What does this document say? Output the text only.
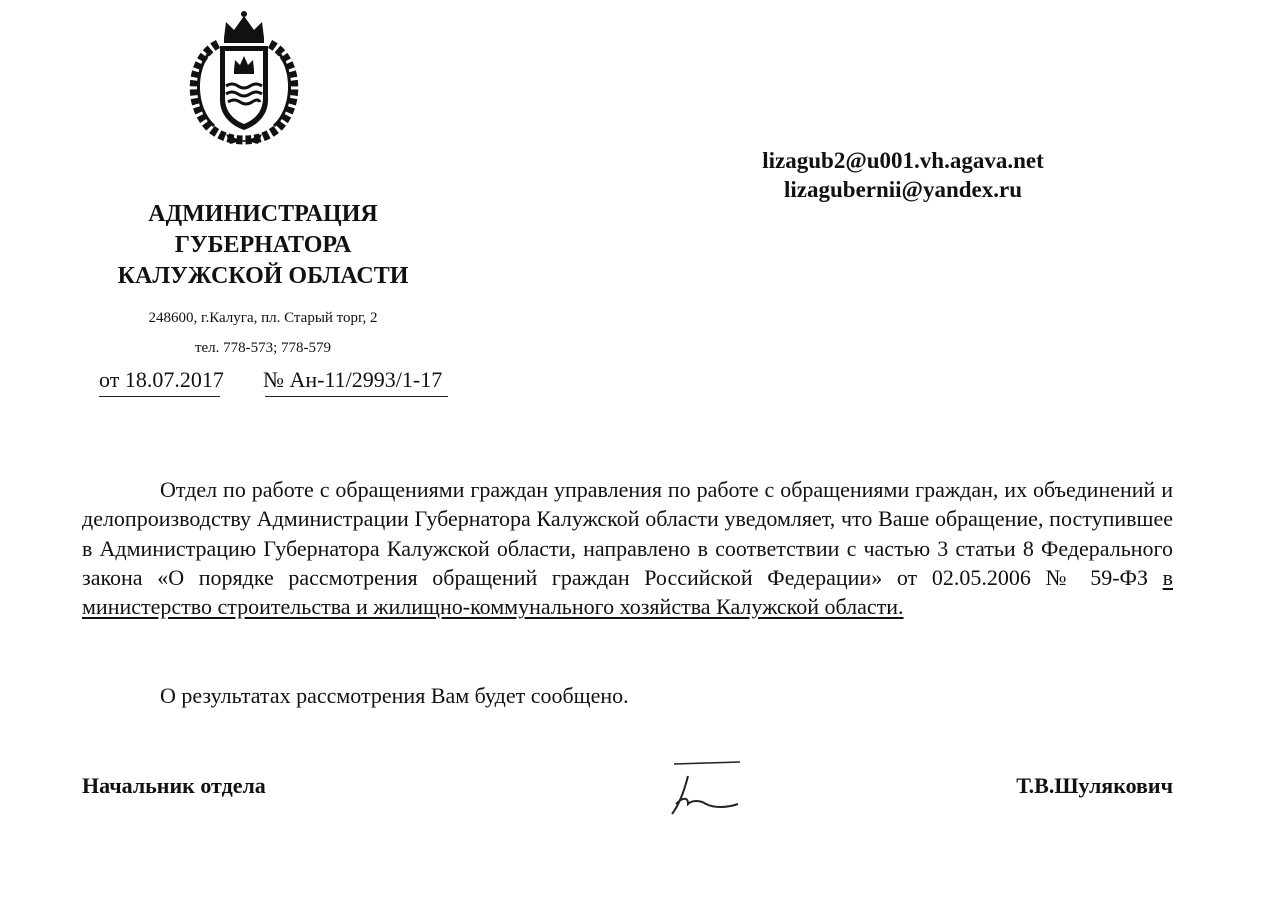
lizagub2@u001.vh.agava.net
lizagubernii@yandex.ru
АДМИНИСТРАЦИЯ
ГУБЕРНАТОРА
КАЛУЖСКОЙ ОБЛАСТИ
248600, г.Калуга, пл. Старый торг, 2
тел. 778-573; 778-579
от 18.07.2017 № Ан-11/2993/1-17

Отдел по работе с обращениями граждан управления по работе с обращениями граждан, их объединений и делопроизводству Администрации Губернатора Калужской области уведомляет, что Ваше обращение, поступившее в Администрацию Губернатора Калужской области, направлено в соответствии с частью 3 статьи 8 Федерального закона «О порядке рассмотрения обращений граждан Российской Федерации» от 02.05.2006 № 59-ФЗ в министерство строительства и жилищно-коммунального хозяйства Калужской области.

О результатах рассмотрения Вам будет сообщено.
Начальник отдела	Т.В.Шулякович
